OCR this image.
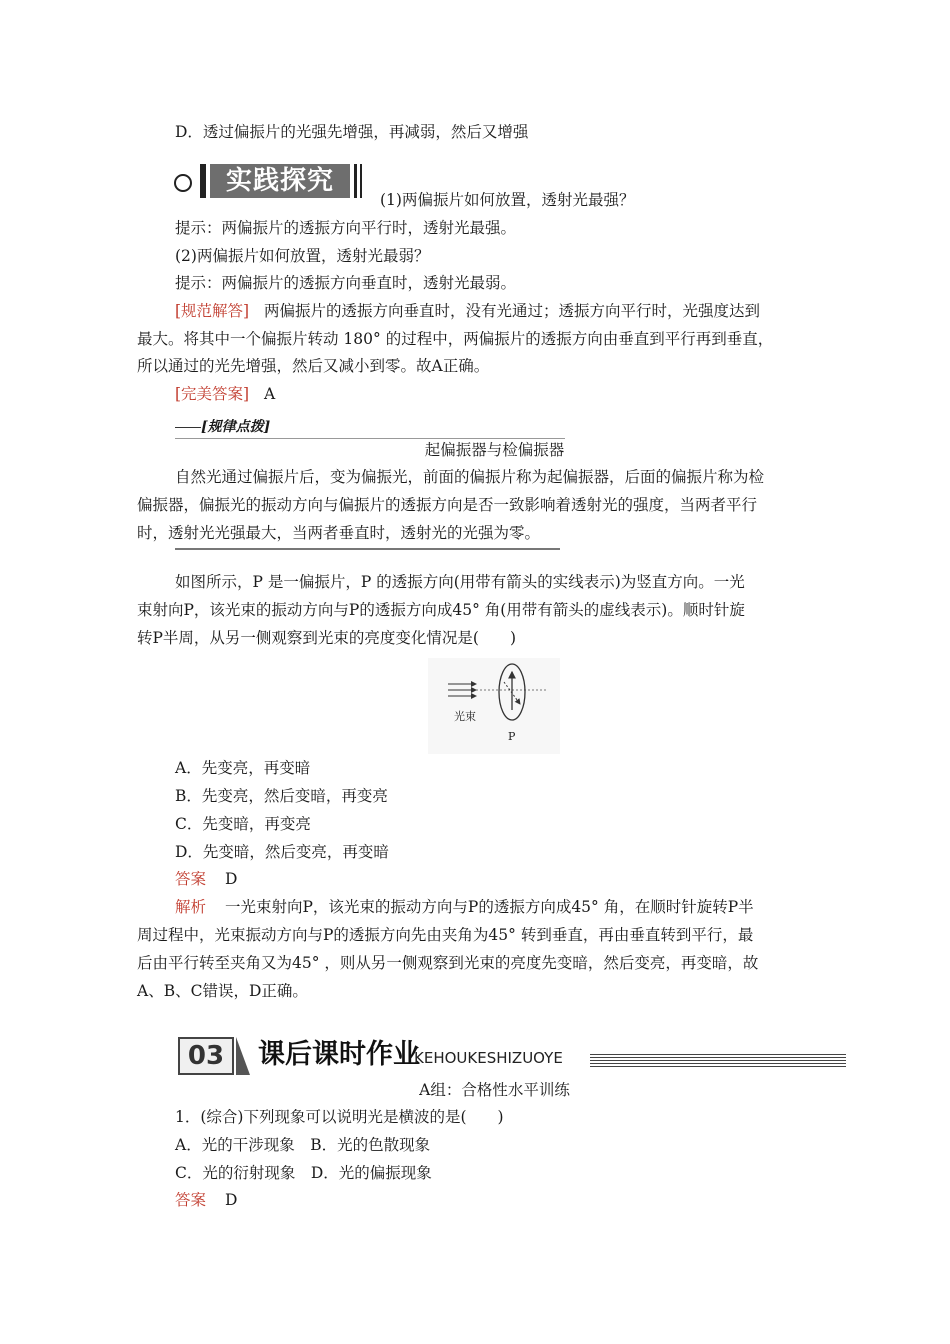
D．透过偏振片的光强先增强，再减弱，然后又增强
实践探究
(1)两偏振片如何放置，透射光最强？
提示：两偏振片的透振方向平行时，透射光最强。
(2)两偏振片如何放置，透射光最弱？
提示：两偏振片的透振方向垂直时，透射光最弱。
[规范解答] 两偏振片的透振方向垂直时，没有光通过；透振方向平行时，光强度达到
最大。将其中一个偏振片转动 180° 的过程中，两偏振片的透振方向由垂直到平行再到垂直，
所以通过的光先增强，然后又减小到零。故A正确。
[完美答案] A
[规律点拨]
起偏振器与检偏振器
自然光通过偏振片后，变为偏振光，前面的偏振片称为起偏振器，后面的偏振片称为检
偏振器，偏振光的振动方向与偏振片的透振方向是否一致影响着透射光的强度，当两者平行
时，透射光光强最大，当两者垂直时，透射光的光强为零。
如图所示，P 是一偏振片，P 的透振方向(用带有箭头的实线表示)为竖直方向。一光
束射向P，该光束的振动方向与P的透振方向成45° 角(用带有箭头的虚线表示)。顺时针旋
转P半周，从另一侧观察到光束的亮度变化情况是(　　)
光束
P
A．先变亮，再变暗
B．先变亮，然后变暗，再变亮
C．先变暗，再变亮
D．先变暗，然后变亮，再变暗
答案 D
解析 一光束射向P，该光束的振动方向与P的透振方向成45° 角，在顺时针旋转P半
周过程中，光束振动方向与P的透振方向先由夹角为45° 转到垂直，再由垂直转到平行，最
后由平行转至夹角又为45° ，则从另一侧观察到光束的亮度先变暗，然后变亮，再变暗，故
A、B、C错误，D正确。
03	课后课时作业
KEHOUKESHIZUOYE
A组：合格性水平训练
1．(综合)下列现象可以说明光是横波的是(　　)
A．光的干涉现象　B．光的色散现象
C．光的衍射现象　D．光的偏振现象
答案 D
